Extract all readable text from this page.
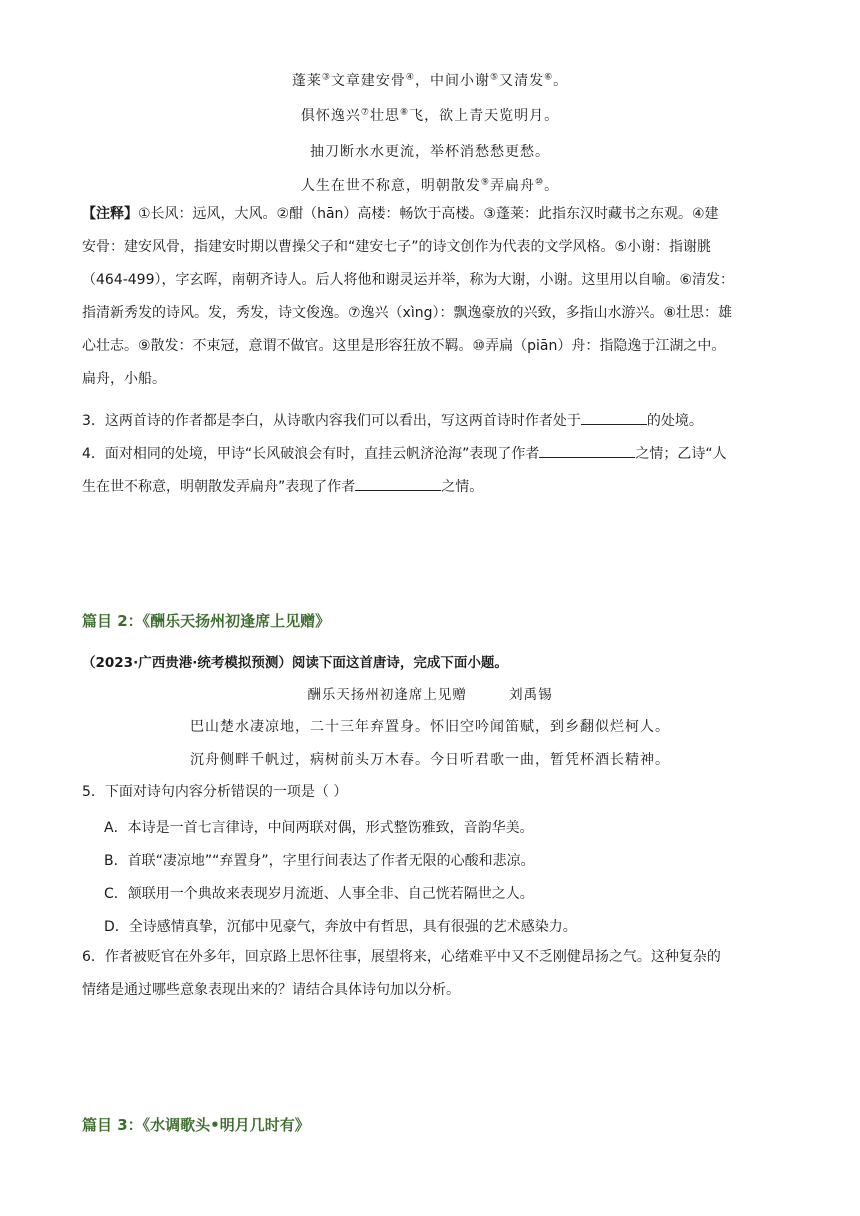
蓬莱③文章建安骨④，中间小谢⑤又清发⑥。
俱怀逸兴⑦壮思⑧飞，欲上青天览明月。
抽刀断水水更流，举杯消愁愁更愁。
人生在世不称意，明朝散发⑨弄扁舟⑩。
【注释】①长风：远风，大风。②酣（hān）高楼：畅饮于高楼。③蓬莱：此指东汉时藏书之东观。④建
安骨：建安风骨，指建安时期以曹操父子和“建安七子”的诗文创作为代表的文学风格。⑤小谢：指谢朓
（464-499），字玄晖，南朝齐诗人。后人将他和谢灵运并举，称为大谢，小谢。这里用以自喻。⑥清发：
指清新秀发的诗风。发，秀发，诗文俊逸。⑦逸兴（xìng）：飘逸豪放的兴致，多指山水游兴。⑧壮思：雄
心壮志。⑨散发：不束冠，意谓不做官。这里是形容狂放不羁。⑩弄扁（piān）舟：指隐逸于江湖之中。
扁舟，小船。
3．这两首诗的作者都是李白，从诗歌内容我们可以看出，写这两首诗时作者处于	的处境。
4．面对相同的处境，甲诗“长风破浪会有时，直挂云帆济沧海”表现了作者	之情；乙诗“人
生在世不称意，明朝散发弄扁舟”表现了作者	之情。
篇目 2：《酬乐天扬州初逢席上见赠》
（2023·广西贵港·统考模拟预测）阅读下面这首唐诗，完成下面小题。
酬乐天扬州初逢席上见赠        刘禹锡
巴山楚水凄凉地，二十三年弃置身。怀旧空吟闻笛赋，到乡翻似烂柯人。
沉舟侧畔千帆过，病树前头万木春。今日听君歌一曲，暂凭杯酒长精神。
5．下面对诗句内容分析错误的一项是（ ）
A．本诗是一首七言律诗，中间两联对偶，形式整饬雅致，音韵华美。
B．首联“凄凉地”“弃置身”，字里行间表达了作者无限的心酸和悲凉。
C．颔联用一个典故来表现岁月流逝、人事全非、自己恍若隔世之人。
D．全诗感情真挚，沉郁中见豪气，奔放中有哲思，具有很强的艺术感染力。
6．作者被贬官在外多年，回京路上思怀往事，展望将来，心绪难平中又不乏刚健昂扬之气。这种复杂的
情绪是通过哪些意象表现出来的？请结合具体诗句加以分析。
篇目 3：《水调歌头•明月几时有》
